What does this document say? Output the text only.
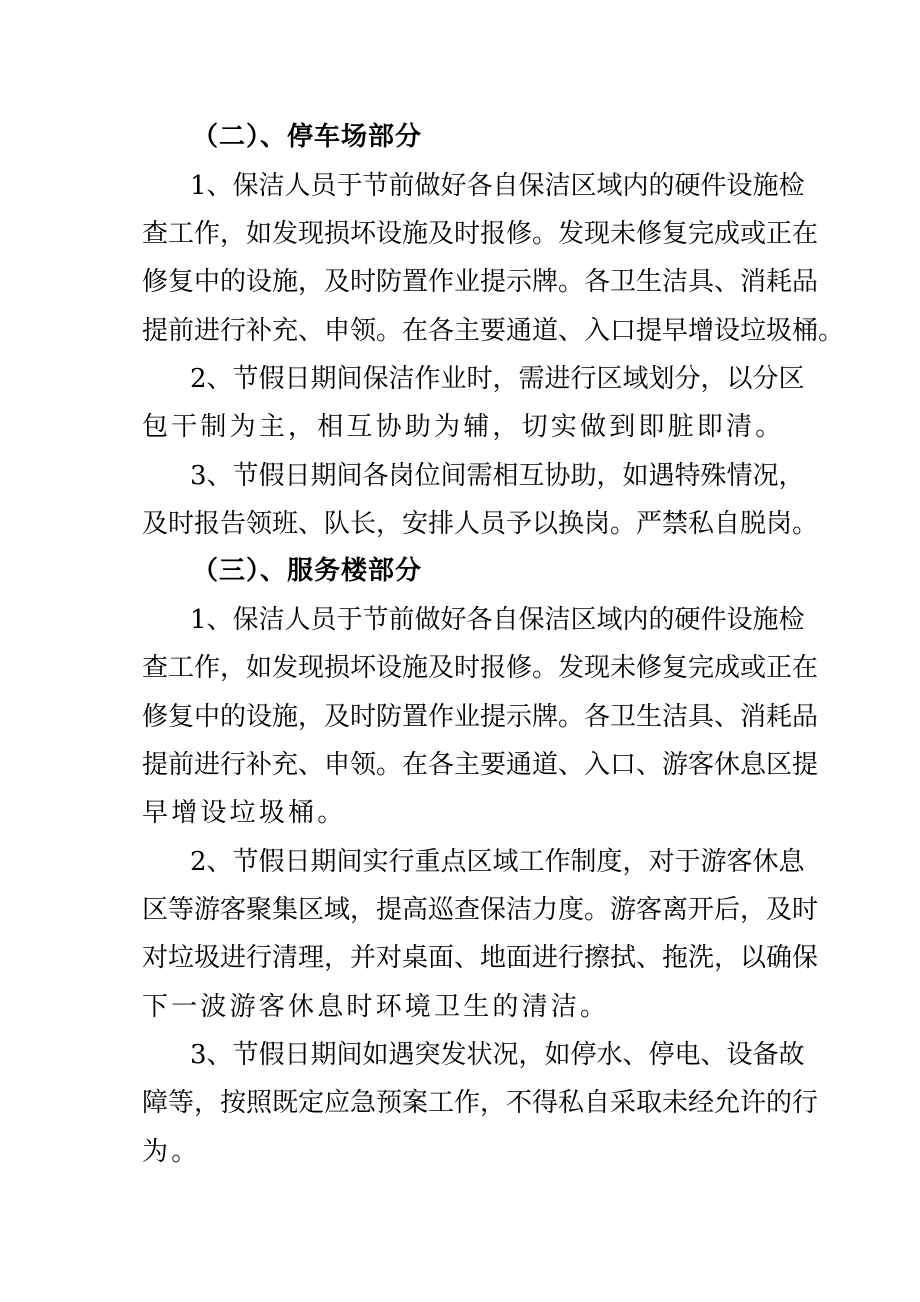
（二）、停车场部分
1、保洁人员于节前做好各自保洁区域内的硬件设施检
查工作，如发现损坏设施及时报修。发现未修复完成或正在
修复中的设施，及时防置作业提示牌。各卫生洁具、消耗品
提前进行补充、申领。在各主要通道、入口提早增设垃圾桶。
2、节假日期间保洁作业时，需进行区域划分，以分区
包干制为主，相互协助为辅，切实做到即脏即清。
3、节假日期间各岗位间需相互协助，如遇特殊情况，
及时报告领班、队长，安排人员予以换岗。严禁私自脱岗。
（三）、服务楼部分
1、保洁人员于节前做好各自保洁区域内的硬件设施检
查工作，如发现损坏设施及时报修。发现未修复完成或正在
修复中的设施，及时防置作业提示牌。各卫生洁具、消耗品
提前进行补充、申领。在各主要通道、入口、游客休息区提
早增设垃圾桶。
2、节假日期间实行重点区域工作制度，对于游客休息
区等游客聚集区域，提高巡查保洁力度。游客离开后，及时
对垃圾进行清理，并对桌面、地面进行擦拭、拖洗，以确保
下一波游客休息时环境卫生的清洁。
3、节假日期间如遇突发状况，如停水、停电、设备故
障等，按照既定应急预案工作，不得私自采取未经允许的行
为。
